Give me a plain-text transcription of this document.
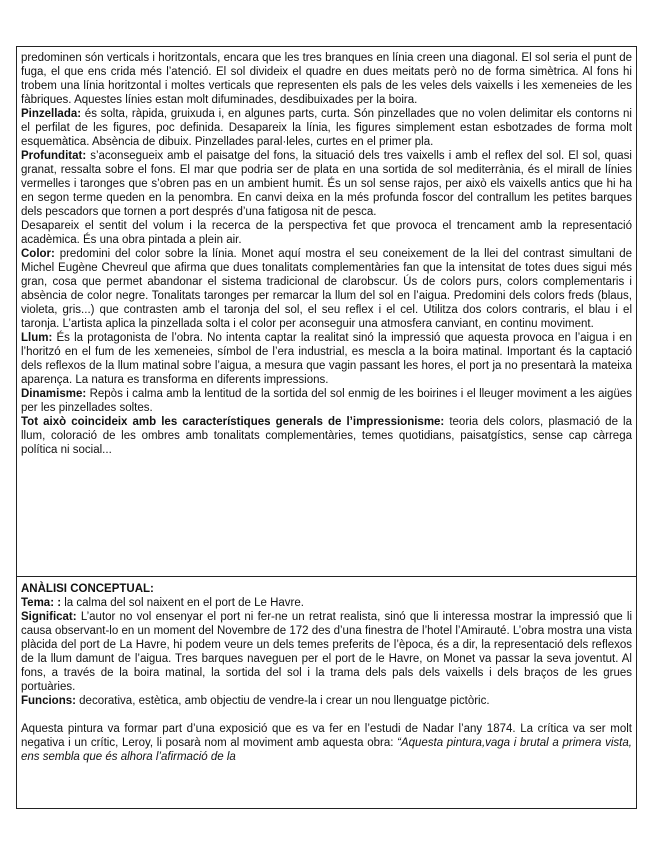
predominen són verticals i horitzontals, encara que les tres branques en línia creen una diagonal. El sol seria el punt de fuga, el que ens crida més l’atenció. El sol divideix el quadre en dues meitats però no de forma simètrica. Al fons hi trobem una línia horitzontal i moltes verticals que representen els pals de les veles dels vaixells i les xemeneies de les fàbriques. Aquestes línies estan molt difuminades, desdibuixades per la boira.

Pinzellada: és solta, ràpida, gruixuda i, en algunes parts, curta. Són pinzellades que no volen delimitar els contorns ni el perfilat de les figures, poc definida. Desapareix la línia, les figures simplement estan esbotzades de forma molt esquemàtica. Absència de dibuix. Pinzellades paral·leles, curtes en el primer pla.

Profunditat: s’aconsegueix amb el paisatge del fons, la situació dels tres vaixells i amb el reflex del sol. El sol, quasi granat, ressalta sobre el fons. El mar que podria ser de plata en una sortida de sol mediterrània, és el mirall de línies vermelles i taronges que s’obren pas en un ambient humit. És un sol sense rajos, per això els vaixells antics que hi ha en segon terme queden en la penombra. En canvi deixa en la més profunda foscor del contrallum les petites barques dels pescadors que tornen a port després d’una fatigosa nit de pesca.

Desapareix el sentit del volum i la recerca de la perspectiva fet que provoca el trencament amb la representació acadèmica. És una obra pintada a plein air.

Color: predomini del color sobre la línia. Monet aquí mostra el seu coneixement de la llei del contrast simultani de Michel Eugène Chevreul que afirma que dues tonalitats complementàries fan que la intensitat de totes dues sigui més gran, cosa que permet abandonar el sistema tradicional de clarobscur. Ús de colors purs, colors complementaris i absència de color negre. Tonalitats taronges per remarcar la llum del sol en l’aigua. Predomini dels colors freds (blaus, violeta, gris...) que contrasten amb el taronja del sol, el seu reflex i el cel. Utilitza dos colors contraris, el blau i el taronja. L’artista aplica la pinzellada solta i el color per aconseguir una atmosfera canviant, en continu moviment.

Llum: És la protagonista de l’obra. No intenta captar la realitat sinó la impressió que aquesta provoca en l’aigua i en l’horitzó en el fum de les xemeneies, símbol de l’era industrial, es mescla a la boira matinal. Important és la captació dels reflexos de la llum matinal sobre l’aigua, a mesura que vagin passant les hores, el port ja no presentarà la mateixa aparença. La natura es transforma en diferents impressions.

Dinamisme: Repòs i calma amb la lentitud de la sortida del sol enmig de les boirines i el lleuger moviment a les aigües per les pinzellades soltes.

Tot això coincideix amb les característiques generals de l’impressionisme: teoria dels colors, plasmació de la llum, coloració de les ombres amb tonalitats complementàries, temes quotidians, paisatgístics, sense cap càrrega política ni social...

ANÀLISI CONCEPTUAL:

Tema: : la calma del sol naixent en el port de Le Havre.

Significat: L’autor no vol ensenyar el port ni fer-ne un retrat realista, sinó que li interessa mostrar la impressió que li causa observant-lo en un moment del Novembre de 172 des d’una finestra de l’hotel l’Amirauté. L’obra mostra una vista plàcida del port de La Havre, hi podem veure un dels temes preferits de l’època, és a dir, la representació dels reflexos de la llum damunt de l’aigua. Tres barques naveguen per el port de le Havre, on Monet va passar la seva joventut. Al fons, a través de la boira matinal, la sortida del sol i la trama dels pals dels vaixells i dels braços de les grues portuàries.

Funcions: decorativa, estètica, amb objectiu de vendre-la i crear un nou llenguatge pictòric.

Aquesta pintura va formar part d’una exposició que es va fer en l’estudi de Nadar l’any 1874. La crítica va ser molt negativa i un crític, Leroy, li posarà nom al moviment amb aquesta obra: “Aquesta pintura,vaga i brutal a primera vista, ens sembla que és alhora l’afirmació de la
